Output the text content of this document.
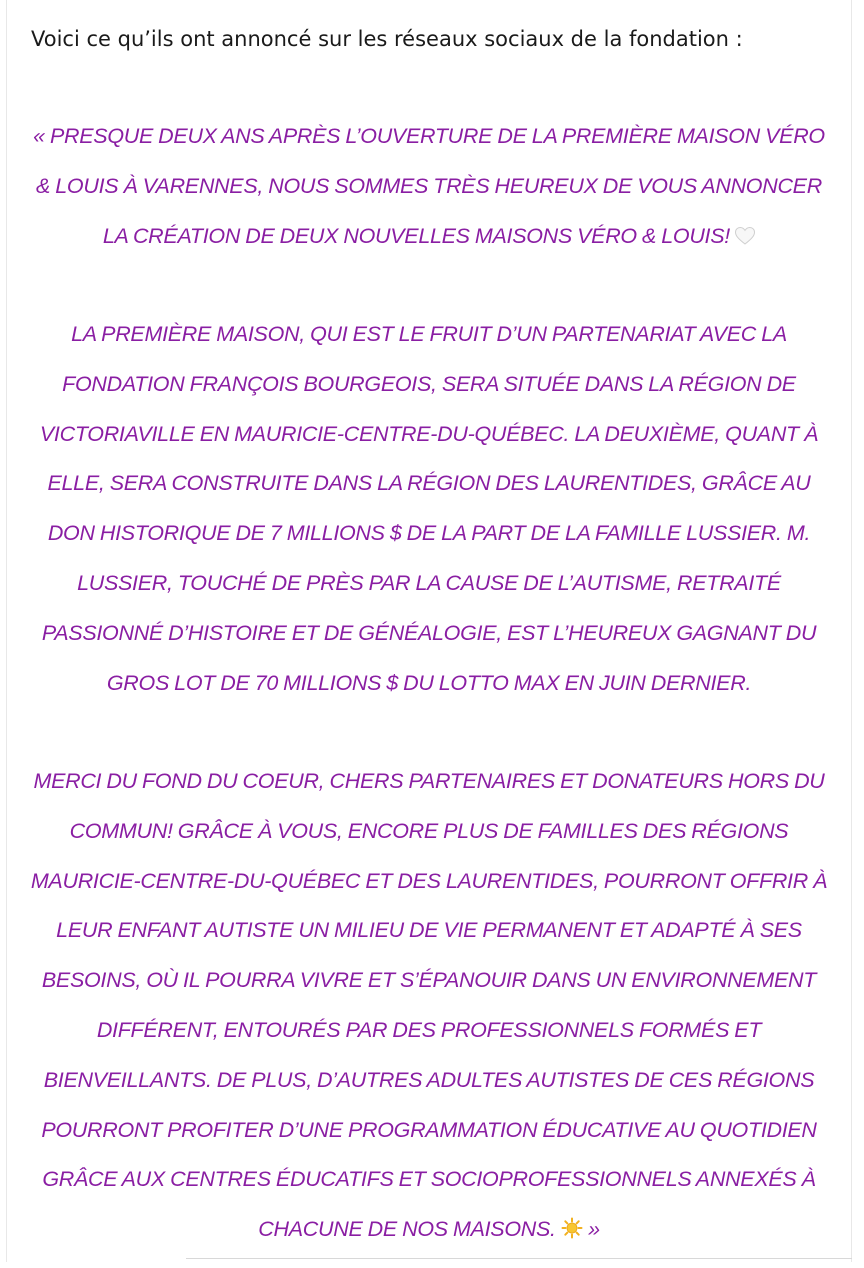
Voici ce qu’ils ont annoncé sur les réseaux sociaux de la fondation :

« PRESQUE DEUX ANS APRÈS L’OUVERTURE DE LA PREMIÈRE MAISON VÉRO & LOUIS À VARENNES, NOUS SOMMES TRÈS HEUREUX DE VOUS ANNONCER LA CRÉATION DE DEUX NOUVELLES MAISONS VÉRO & LOUIS!

LA PREMIÈRE MAISON, QUI EST LE FRUIT D’UN PARTENARIAT AVEC LA FONDATION FRANÇOIS BOURGEOIS, SERA SITUÉE DANS LA RÉGION DE VICTORIAVILLE EN MAURICIE-CENTRE-DU-QUÉBEC. LA DEUXIÈME, QUANT À ELLE, SERA CONSTRUITE DANS LA RÉGION DES LAURENTIDES, GRÂCE AU DON HISTORIQUE DE 7 MILLIONS $ DE LA PART DE LA FAMILLE LUSSIER. M. LUSSIER, TOUCHÉ DE PRÈS PAR LA CAUSE DE L’AUTISME, RETRAITÉ PASSIONNÉ D’HISTOIRE ET DE GÉNÉALOGIE, EST L’HEUREUX GAGNANT DU GROS LOT DE 70 MILLIONS $ DU LOTTO MAX EN JUIN DERNIER.

MERCI DU FOND DU COEUR, CHERS PARTENAIRES ET DONATEURS HORS DU COMMUN! GRÂCE À VOUS, ENCORE PLUS DE FAMILLES DES RÉGIONS MAURICIE-CENTRE-DU-QUÉBEC ET DES LAURENTIDES, POURRONT OFFRIR À LEUR ENFANT AUTISTE UN MILIEU DE VIE PERMANENT ET ADAPTÉ À SES BESOINS, OÙ IL POURRA VIVRE ET S’ÉPANOUIR DANS UN ENVIRONNEMENT DIFFÉRENT, ENTOURÉS PAR DES PROFESSIONNELS FORMÉS ET BIENVEILLANTS. DE PLUS, D’AUTRES ADULTES AUTISTES DE CES RÉGIONS POURRONT PROFITER D’UNE PROGRAMMATION ÉDUCATIVE AU QUOTIDIEN GRÂCE AUX CENTRES ÉDUCATIFS ET SOCIOPROFESSIONNELS ANNEXÉS À CHACUNE DE NOS MAISONS. »
